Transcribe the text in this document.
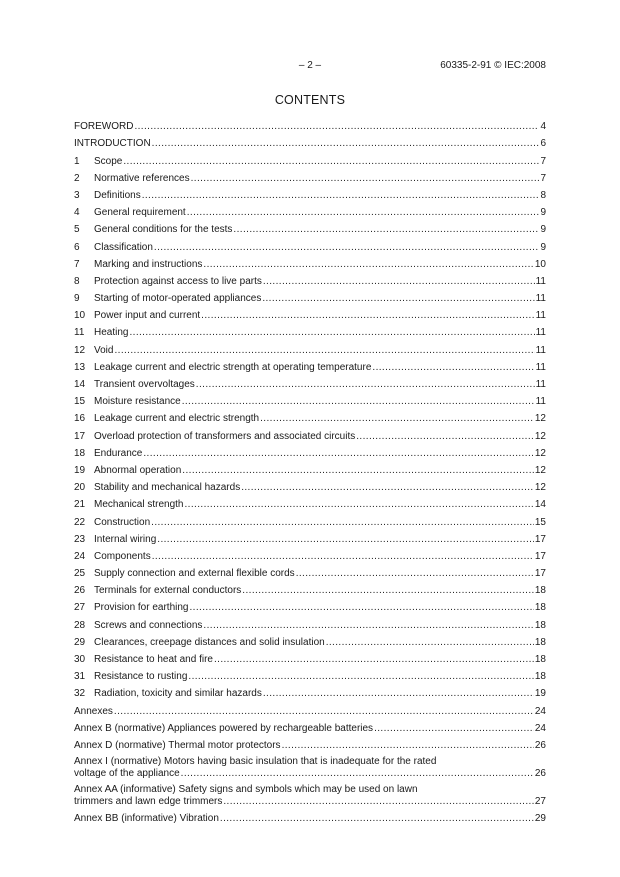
– 2 –	60335-2-91 © IEC:2008
CONTENTS
FOREWORD .....	4
INTRODUCTION .....	6
1	Scope .....	7
2	Normative references .....	7
3	Definitions .....	8
4	General requirement .....	9
5	General conditions for the tests .....	9
6	Classification .....	9
7	Marking and instructions .....	10
8	Protection against access to live parts .....	11
9	Starting of motor-operated appliances .....	11
10 Power input and current .....	11
11 Heating .....	11
12 Void .....	11
13 Leakage current and electric strength at operating temperature .....	11
14 Transient overvoltages .....	11
15 Moisture resistance .....	11
16 Leakage current and electric strength .....	12
17 Overload protection of transformers and associated circuits .....	12
18 Endurance .....	12
19 Abnormal operation .....	12
20 Stability and mechanical hazards .....	12
21 Mechanical strength .....	14
22 Construction .....	15
23 Internal wiring .....	17
24 Components .....	17
25 Supply connection and external flexible cords .....	17
26 Terminals for external conductors .....	18
27 Provision for earthing .....	18
28 Screws and connections .....	18
29 Clearances, creepage distances and solid insulation .....	18
30 Resistance to heat and fire .....	18
31 Resistance to rusting .....	18
32 Radiation, toxicity and similar hazards .....	19
Annexes .....	24
Annex B (normative) Appliances powered by rechargeable batteries .....	24
Annex D (normative) Thermal motor protectors .....	26
Annex I (normative) Motors having basic insulation that is inadequate for the rated
voltage of the appliance .....	26
Annex AA (informative) Safety signs and symbols which may be used on lawn
trimmers and lawn edge trimmers .....	27
Annex BB (informative) Vibration .....	29
